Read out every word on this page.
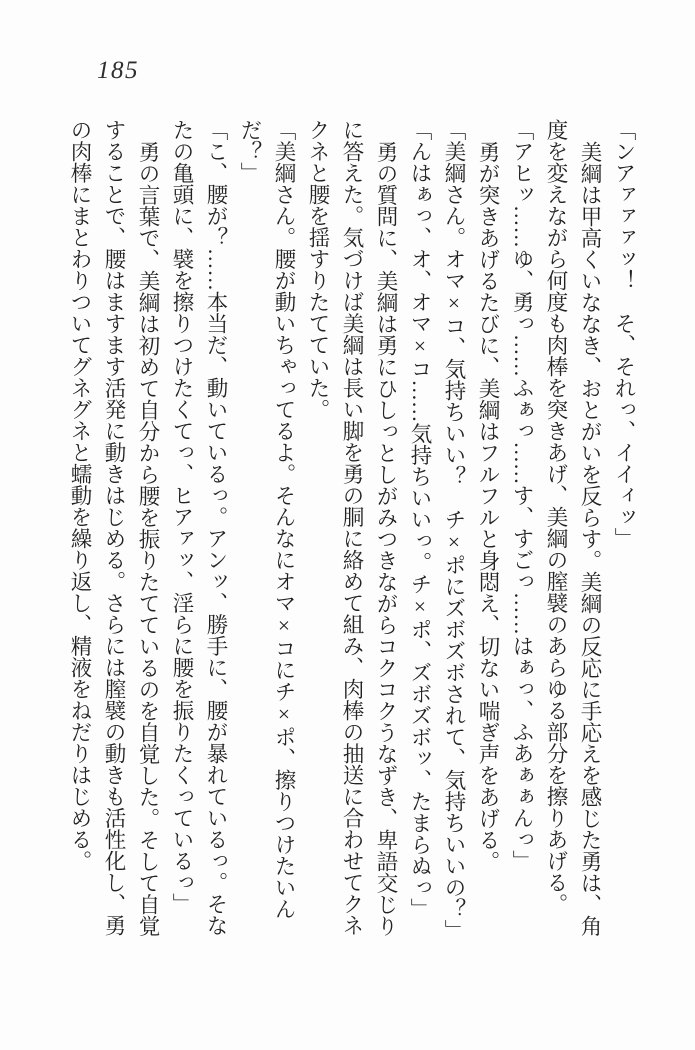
185

「ンアァァァッ！　そ、それっ、イイィッ」

美綱は甲高くいななき、おとがいを反らす。美綱の反応に手応えを感じた勇は、角度を変えながら何度も肉棒を突きあげ、美綱の膣襞のあらゆる部分を擦りあげる。

「アヒッ……ゆ、勇っ……ふぁっ……す、すごっ……はぁっ、ふあぁぁんっ」

勇が突きあげるたびに、美綱はフルフルと身悶え、切ない喘ぎ声をあげる。

「美綱さん。オマ×コ、気持ちいい？　チ×ポにズボズボされて、気持ちいいの？」

「んはぁっ、オ、オマ×コ……気持ちいいっ。チ×ポ、ズボズボッ、たまらぬっ」

勇の質問に、美綱は勇にひしっとしがみつきながらコクコクうなずき、卑語交じりに答えた。気づけば美綱は長い脚を勇の胴に絡めて組み、肉棒の抽送に合わせてクネクネと腰を揺すりたてていた。

「美綱さん。腰が動いちゃってるよ。そんなにオマ×コにチ×ポ、擦りつけたいんだ？」

「こ、腰が？……本当だ、動いているっ。アンッ、勝手に、腰が暴れているっ。そなたの亀頭に、襞を擦りつけたくてっ、ヒアァッ、淫らに腰を振りたくっているっ」

勇の言葉で、美綱は初めて自分から腰を振りたてているのを自覚した。そして自覚することで、腰はますます活発に動きはじめる。さらには膣襞の動きも活性化し、勇の肉棒にまとわりついてグネグネと蠕動を繰り返し、精液をねだりはじめる。
